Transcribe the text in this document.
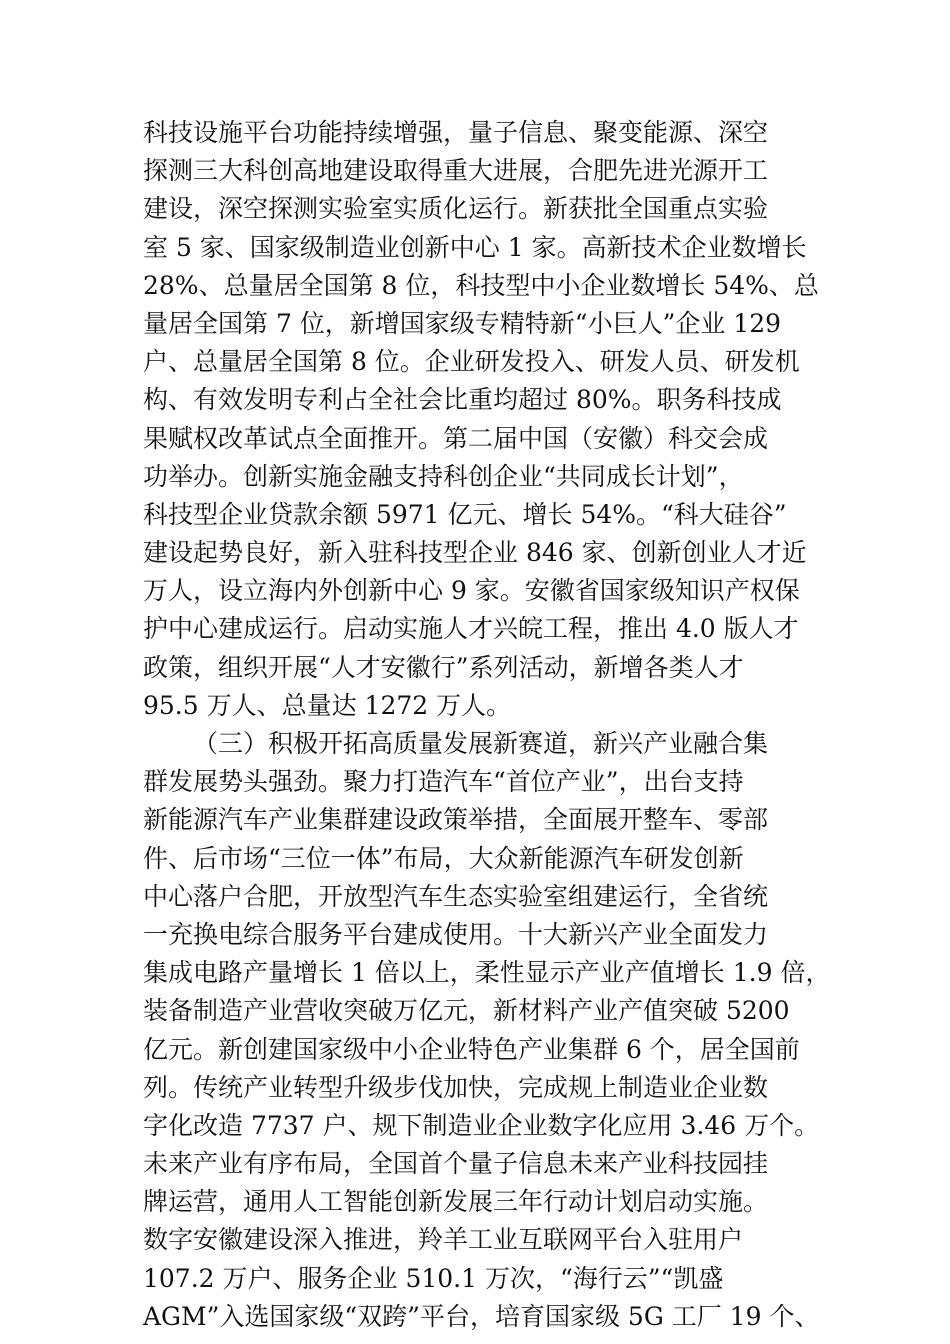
科技设施平台功能持续增强，量子信息、聚变能源、深空
探测三大科创高地建设取得重大进展，合肥先进光源开工
建设，深空探测实验室实质化运行。新获批全国重点实验
室 5 家、国家级制造业创新中心 1 家。高新技术企业数增长
28%、总量居全国第 8 位，科技型中小企业数增长 54%、总
量居全国第 7 位，新增国家级专精特新“小巨人”企业 129
户、总量居全国第 8 位。企业研发投入、研发人员、研发机
构、有效发明专利占全社会比重均超过 80%。职务科技成
果赋权改革试点全面推开。第二届中国（安徽）科交会成
功举办。创新实施金融支持科创企业“共同成长计划”，
科技型企业贷款余额 5971 亿元、增长 54%。“科大硅谷”
建设起势良好，新入驻科技型企业 846 家、创新创业人才近
万人，设立海内外创新中心 9 家。安徽省国家级知识产权保
护中心建成运行。启动实施人才兴皖工程，推出 4.0 版人才
政策，组织开展“人才安徽行”系列活动，新增各类人才
95.5 万人、总量达 1272 万人。
（三）积极开拓高质量发展新赛道，新兴产业融合集
群发展势头强劲。聚力打造汽车“首位产业”，出台支持
新能源汽车产业集群建设政策举措，全面展开整车、零部
件、后市场“三位一体”布局，大众新能源汽车研发创新
中心落户合肥，开放型汽车生态实验室组建运行，全省统
一充换电综合服务平台建成使用。十大新兴产业全面发力
集成电路产量增长 1 倍以上，柔性显示产业产值增长 1.9 倍，
装备制造产业营收突破万亿元，新材料产业产值突破 5200
亿元。新创建国家级中小企业特色产业集群 6 个，居全国前
列。传统产业转型升级步伐加快，完成规上制造业企业数
字化改造 7737 户、规下制造业企业数字化应用 3.46 万个。
未来产业有序布局，全国首个量子信息未来产业科技园挂
牌运营，通用人工智能创新发展三年行动计划启动实施。
数字安徽建设深入推进，羚羊工业互联网平台入驻用户
107.2 万户、服务企业 510.1 万次，“海行云”“凯盛
AGM”入选国家级“双跨”平台，培育国家级 5G 工厂 19 个、
